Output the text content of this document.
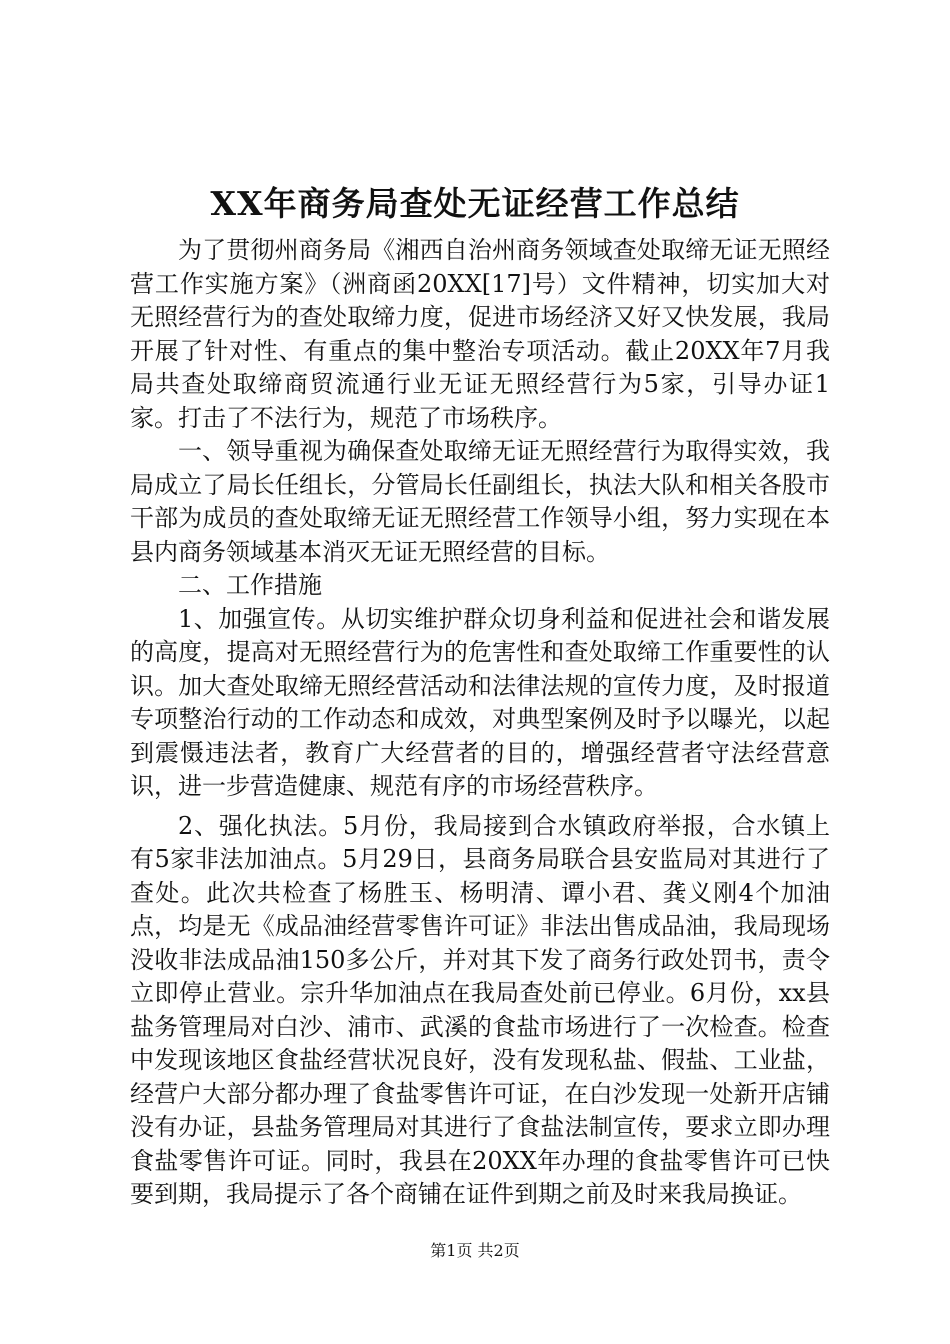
XX年商务局查处无证经营工作总结

为了贯彻州商务局《湘西自治州商务领域查处取缔无证无照经营工作实施方案》（洲商函20XX[17]号）文件精神，切实加大对无照经营行为的查处取缔力度，促进市场经济又好又快发展，我局开展了针对性、有重点的集中整治专项活动。截止20XX年7月我局共查处取缔商贸流通行业无证无照经营行为5家，引导办证1家。打击了不法行为，规范了市场秩序。

一、领导重视为确保查处取缔无证无照经营行为取得实效，我局成立了局长任组长，分管局长任副组长，执法大队和相关各股市干部为成员的查处取缔无证无照经营工作领导小组，努力实现在本县内商务领域基本消灭无证无照经营的目标。

二、工作措施

1、加强宣传。从切实维护群众切身利益和促进社会和谐发展的高度，提高对无照经营行为的危害性和查处取缔工作重要性的认识。加大查处取缔无照经营活动和法律法规的宣传力度，及时报道专项整治行动的工作动态和成效，对典型案例及时予以曝光，以起到震慑违法者，教育广大经营者的目的，增强经营者守法经营意识，进一步营造健康、规范有序的市场经营秩序。

2、强化执法。5月份，我局接到合水镇政府举报，合水镇上有5家非法加油点。5月29日，县商务局联合县安监局对其进行了查处。此次共检查了杨胜玉、杨明清、谭小君、龚义刚4个加油点，均是无《成品油经营零售许可证》非法出售成品油，我局现场没收非法成品油150多公斤，并对其下发了商务行政处罚书，责令立即停止营业。宗升华加油点在我局查处前已停业。6月份，xx县盐务管理局对白沙、浦市、武溪的食盐市场进行了一次检查。检查中发现该地区食盐经营状况良好，没有发现私盐、假盐、工业盐，经营户大部分都办理了食盐零售许可证，在白沙发现一处新开店铺没有办证，县盐务管理局对其进行了食盐法制宣传，要求立即办理食盐零售许可证。同时，我县在20XX年办理的食盐零售许可已快要到期，我局提示了各个商铺在证件到期之前及时来我局换证。

第1页 共2页
